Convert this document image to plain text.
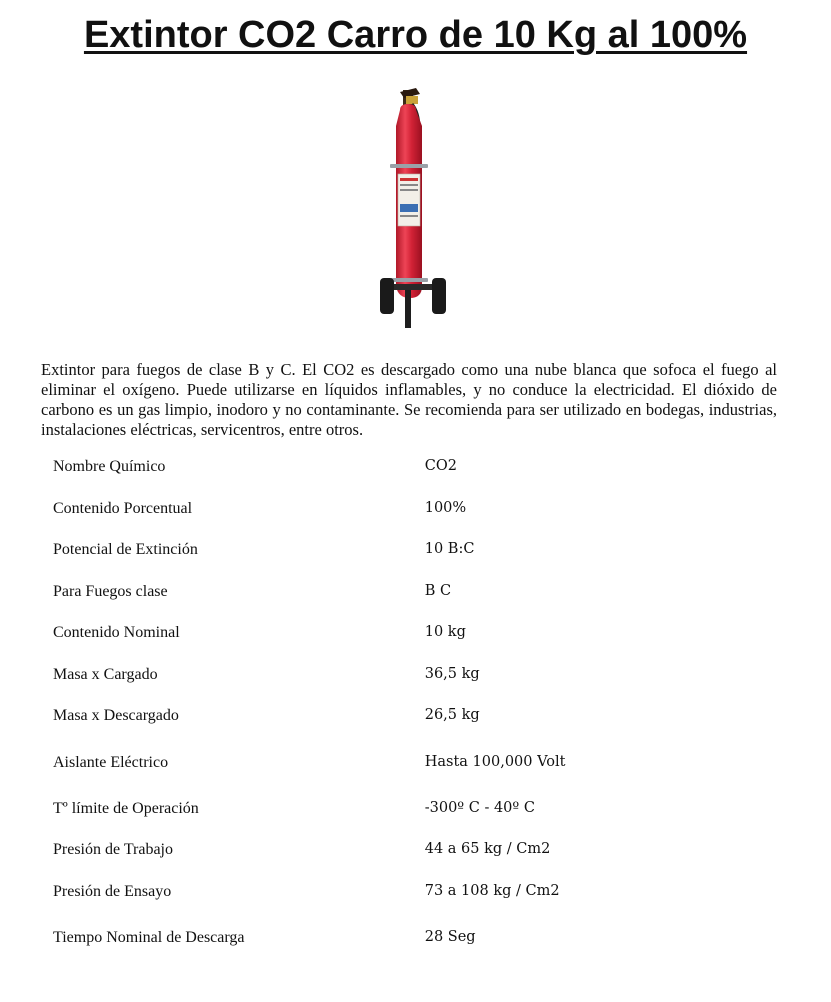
Extintor CO2 Carro de 10 Kg al 100%

Extintor para fuegos de clase B y C. El CO2 es descargado como una nube blanca que sofoca el fuego al eliminar el oxígeno. Puede utilizarse en líquidos inflamables, y no conduce la electricidad. El dióxido de carbono es un gas limpio, inodoro y no contaminante. Se recomienda para ser utilizado en bodegas, industrias, instalaciones eléctricas, servicentros, entre otros.

Nombre Químico	CO2
Contenido Porcentual	100%
Potencial de Extinción	10 B:C
Para Fuegos clase	B C
Contenido Nominal	10 kg
Masa x Cargado	36,5 kg
Masa x Descargado	26,5 kg
Aislante Eléctrico	Hasta 100,000 Volt
Tº límite de Operación	-300º C - 40º C
Presión de Trabajo	44 a 65 kg / Cm2
Presión de Ensayo	73 a 108 kg / Cm2
Tiempo Nominal de Descarga	28 Seg
